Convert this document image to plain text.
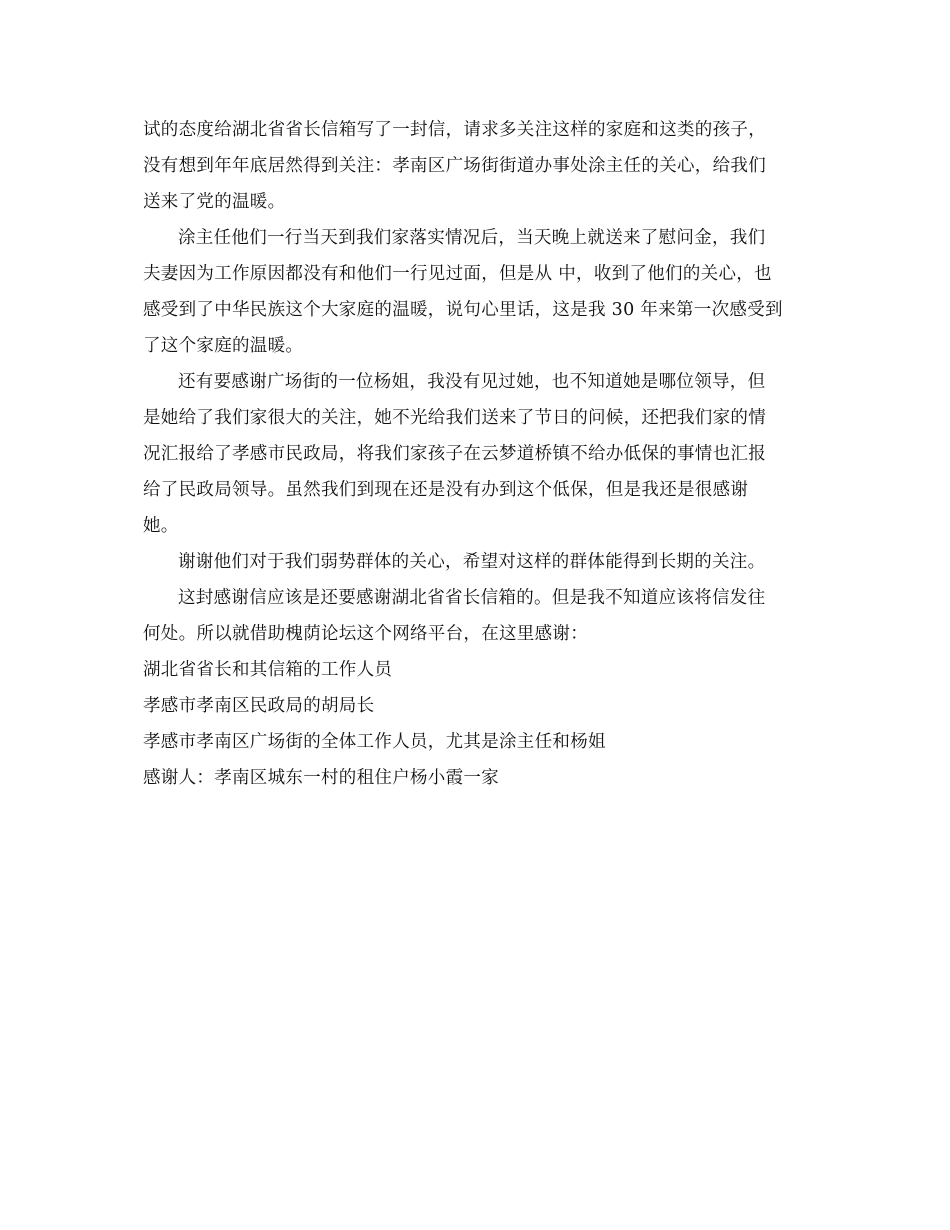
试的态度给湖北省省长信箱写了一封信，请求多关注这样的家庭和这类的孩子，
没有想到年年底居然得到关注：孝南区广场街街道办事处涂主任的关心，给我们
送来了党的温暖。

涂主任他们一行当天到我们家落实情况后，当天晚上就送来了慰问金，我们
夫妻因为工作原因都没有和他们一行见过面，但是从 中，收到了他们的关心，也
感受到了中华民族这个大家庭的温暖，说句心里话，这是我 30 年来第一次感受到
了这个家庭的温暖。

还有要感谢广场街的一位杨姐，我没有见过她，也不知道她是哪位领导，但
是她给了我们家很大的关注，她不光给我们送来了节日的问候，还把我们家的情
况汇报给了孝感市民政局，将我们家孩子在云梦道桥镇不给办低保的事情也汇报
给了民政局领导。虽然我们到现在还是没有办到这个低保，但是我还是很感谢
她。

谢谢他们对于我们弱势群体的关心，希望对这样的群体能得到长期的关注。

这封感谢信应该是还要感谢湖北省省长信箱的。但是我不知道应该将信发往
何处。所以就借助槐荫论坛这个网络平台，在这里感谢：

湖北省省长和其信箱的工作人员

孝感市孝南区民政局的胡局长

孝感市孝南区广场街的全体工作人员，尤其是涂主任和杨姐

感谢人：孝南区城东一村的租住户杨小霞一家
